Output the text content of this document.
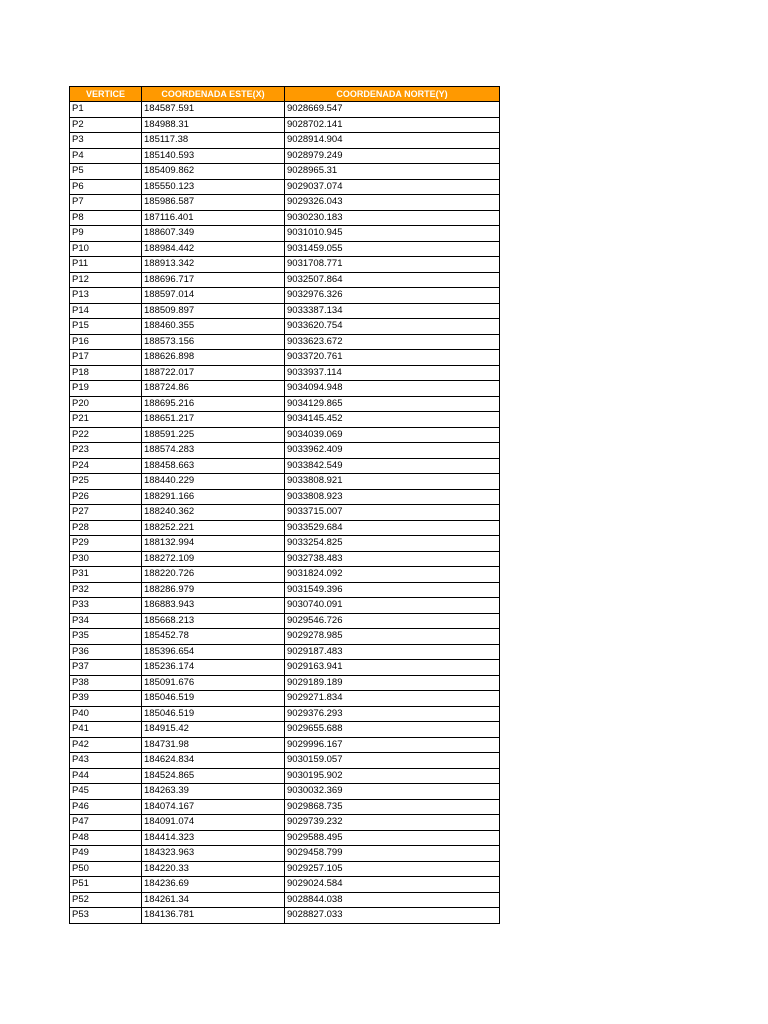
VERTICE	COORDENADA ESTE(X)	COORDENADA NORTE(Y)
P1	184587.591	9028669.547
P2	184988.31	9028702.141
P3	185117.38	9028914.904
P4	185140.593	9028979.249
P5	185409.862	9028965.31
P6	185550.123	9029037.074
P7	185986.587	9029326.043
P8	187116.401	9030230.183
P9	188607.349	9031010.945
P10	188984.442	9031459.055
P11	188913.342	9031708.771
P12	188696.717	9032507.864
P13	188597.014	9032976.326
P14	188509.897	9033387.134
P15	188460.355	9033620.754
P16	188573.156	9033623.672
P17	188626.898	9033720.761
P18	188722.017	9033937.114
P19	188724.86	9034094.948
P20	188695.216	9034129.865
P21	188651.217	9034145.452
P22	188591.225	9034039.069
P23	188574.283	9033962.409
P24	188458.663	9033842.549
P25	188440.229	9033808.921
P26	188291.166	9033808.923
P27	188240.362	9033715.007
P28	188252.221	9033529.684
P29	188132.994	9033254.825
P30	188272.109	9032738.483
P31	188220.726	9031824.092
P32	188286.979	9031549.396
P33	186883.943	9030740.091
P34	185668.213	9029546.726
P35	185452.78	9029278.985
P36	185396.654	9029187.483
P37	185236.174	9029163.941
P38	185091.676	9029189.189
P39	185046.519	9029271.834
P40	185046.519	9029376.293
P41	184915.42	9029655.688
P42	184731.98	9029996.167
P43	184624.834	9030159.057
P44	184524.865	9030195.902
P45	184263.39	9030032.369
P46	184074.167	9029868.735
P47	184091.074	9029739.232
P48	184414.323	9029588.495
P49	184323.963	9029458.799
P50	184220.33	9029257.105
P51	184236.69	9029024.584
P52	184261.34	9028844.038
P53	184136.781	9028827.033
